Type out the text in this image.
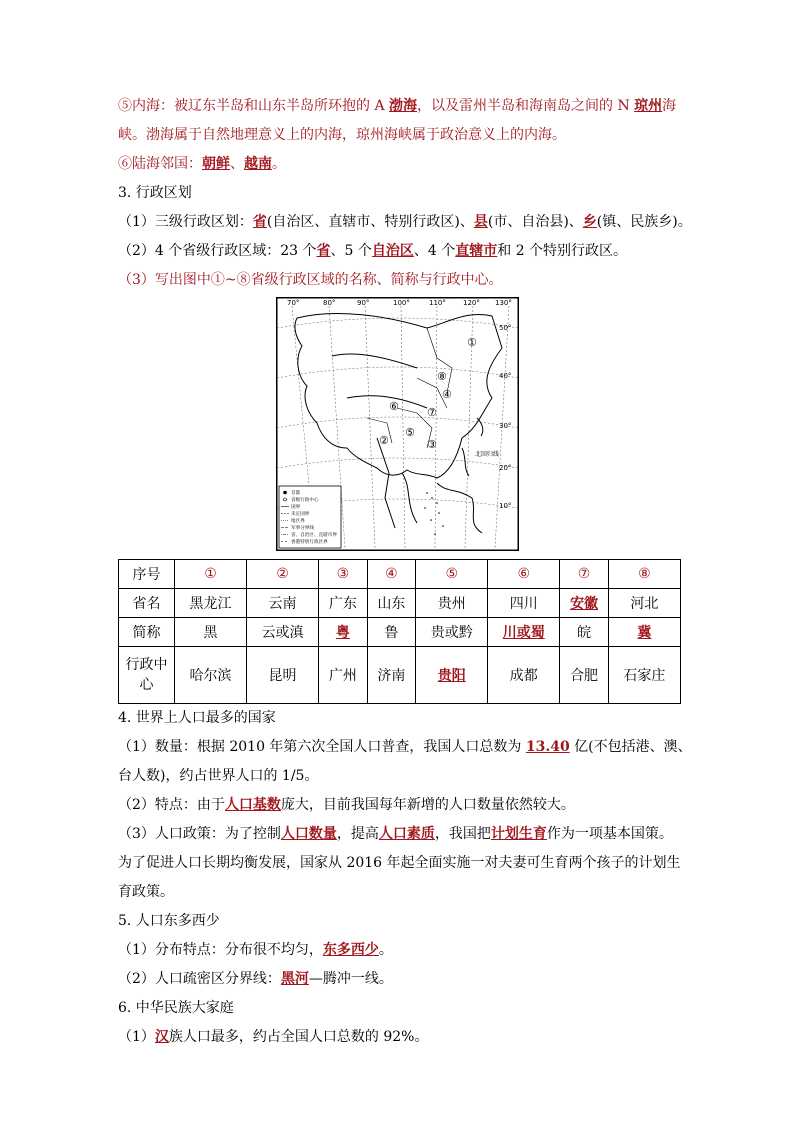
⑤内海：被辽东半岛和山东半岛所环抱的 A 渤海，以及雷州半岛和海南岛之间的 N 琼州海
峡。渤海属于自然地理意义上的内海，琼州海峡属于政治意义上的内海。
⑥陆海邻国：朝鲜、越南。
3. 行政区划
（1）三级行政区划：省(自治区、直辖市、特别行政区)、县(市、自治县)、乡(镇、民族乡)。
（2）4 个省级行政区域：23 个省、5 个自治区、4 个直辖市和 2 个特别行政区。
（3）写出图中①~⑧省级行政区域的名称、简称与行政中心。
70°	80°	90°	100°	110° 120° 130°
50°
40°
30°
20°
10°
北回归线
①
⑧
④
⑥	⑦
⑤
②	③
首都
省级行政中心
国界
未定国界
地区界
军事分界线
省、自治区、直辖市界
香港特别行政区界
序号	①	②	③	④	⑤	⑥	⑦	⑧
省名	黑龙江	云南	广东	山东	贵州	四川	安徽	河北
简称	黑	云或滇	粤	鲁	贵或黔	川或蜀	皖	冀
行政中心	哈尔滨	昆明	广州	济南	贵阳	成都	合肥	石家庄
4. 世界上人口最多的国家
（1）数量：根据 2010 年第六次全国人口普查，我国人口总数为 13.40 亿(不包括港、澳、
台人数)，约占世界人口的 1/5。
（2）特点：由于人口基数庞大，目前我国每年新增的人口数量依然较大。
（3）人口政策：为了控制人口数量，提高人口素质，我国把计划生育作为一项基本国策。
为了促进人口长期均衡发展，国家从 2016 年起全面实施一对夫妻可生育两个孩子的计划生
育政策。
5. 人口东多西少
（1）分布特点：分布很不均匀，东多西少。
（2）人口疏密区分界线：黑河—腾冲一线。
6. 中华民族大家庭
（1）汉族人口最多，约占全国人口总数的 92%。
